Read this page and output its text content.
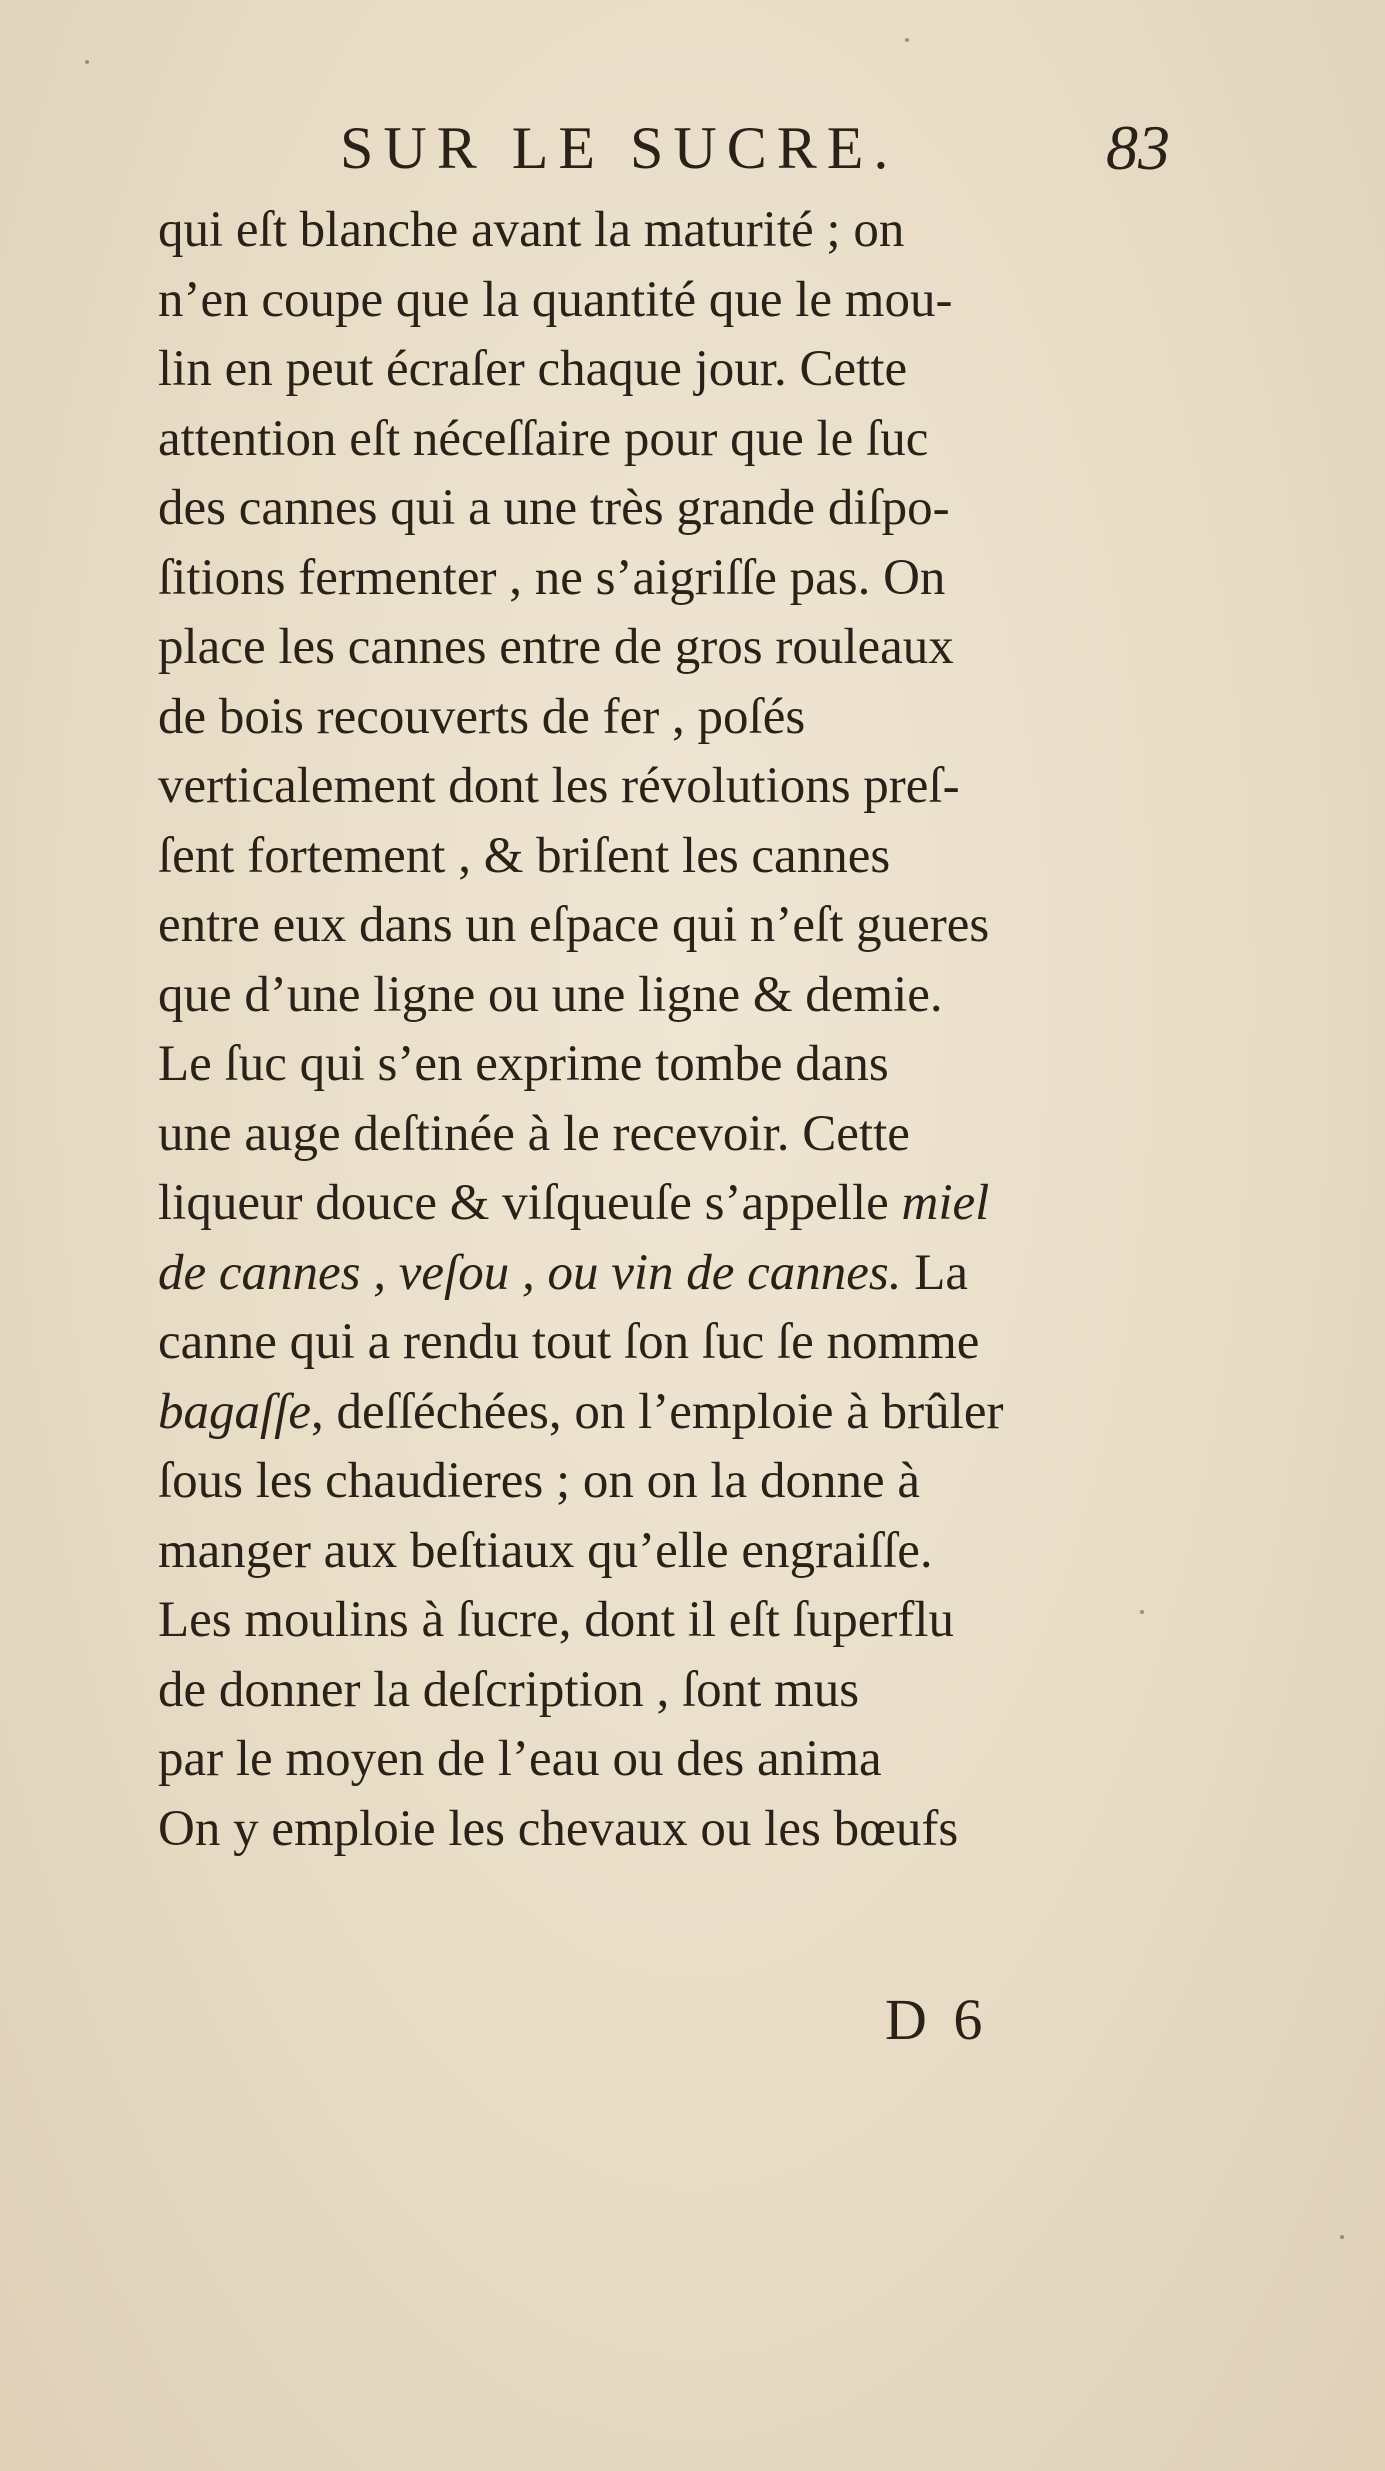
SUR LE SUCRE.	83
qui eſt blanche avant la maturité ; on
n’en coupe que la quantité que le mou-
lin en peut écraſer chaque jour. Cette
attention eſt néceſſaire pour que le ſuc
des cannes qui a une très grande diſpo-
ſitions fermenter , ne s’aigriſſe pas. On
place les cannes entre de gros rouleaux
de bois recouverts de fer , poſés
verticalement dont les révolutions preſ-
ſent fortement , & briſent les cannes
entre eux dans un eſpace qui n’eſt gueres
que d’une ligne ou une ligne & demie.
Le ſuc qui s’en exprime tombe dans
une auge deſtinée à le recevoir. Cette
liqueur douce & viſqueuſe s’appelle miel
de cannes , veſou , ou vin de cannes. La
canne qui a rendu tout ſon ſuc ſe nomme
bagaſſe, deſſéchées, on l’emploie à brûler
ſous les chaudieres ; on on la donne à
manger aux beſtiaux qu’elle engraiſſe.
Les moulins à ſucre, dont il eſt ſuperflu
de donner la deſcription , ſont mus
par le moyen de l’eau ou des anima
On y emploie les chevaux ou les bœufs
D 6
